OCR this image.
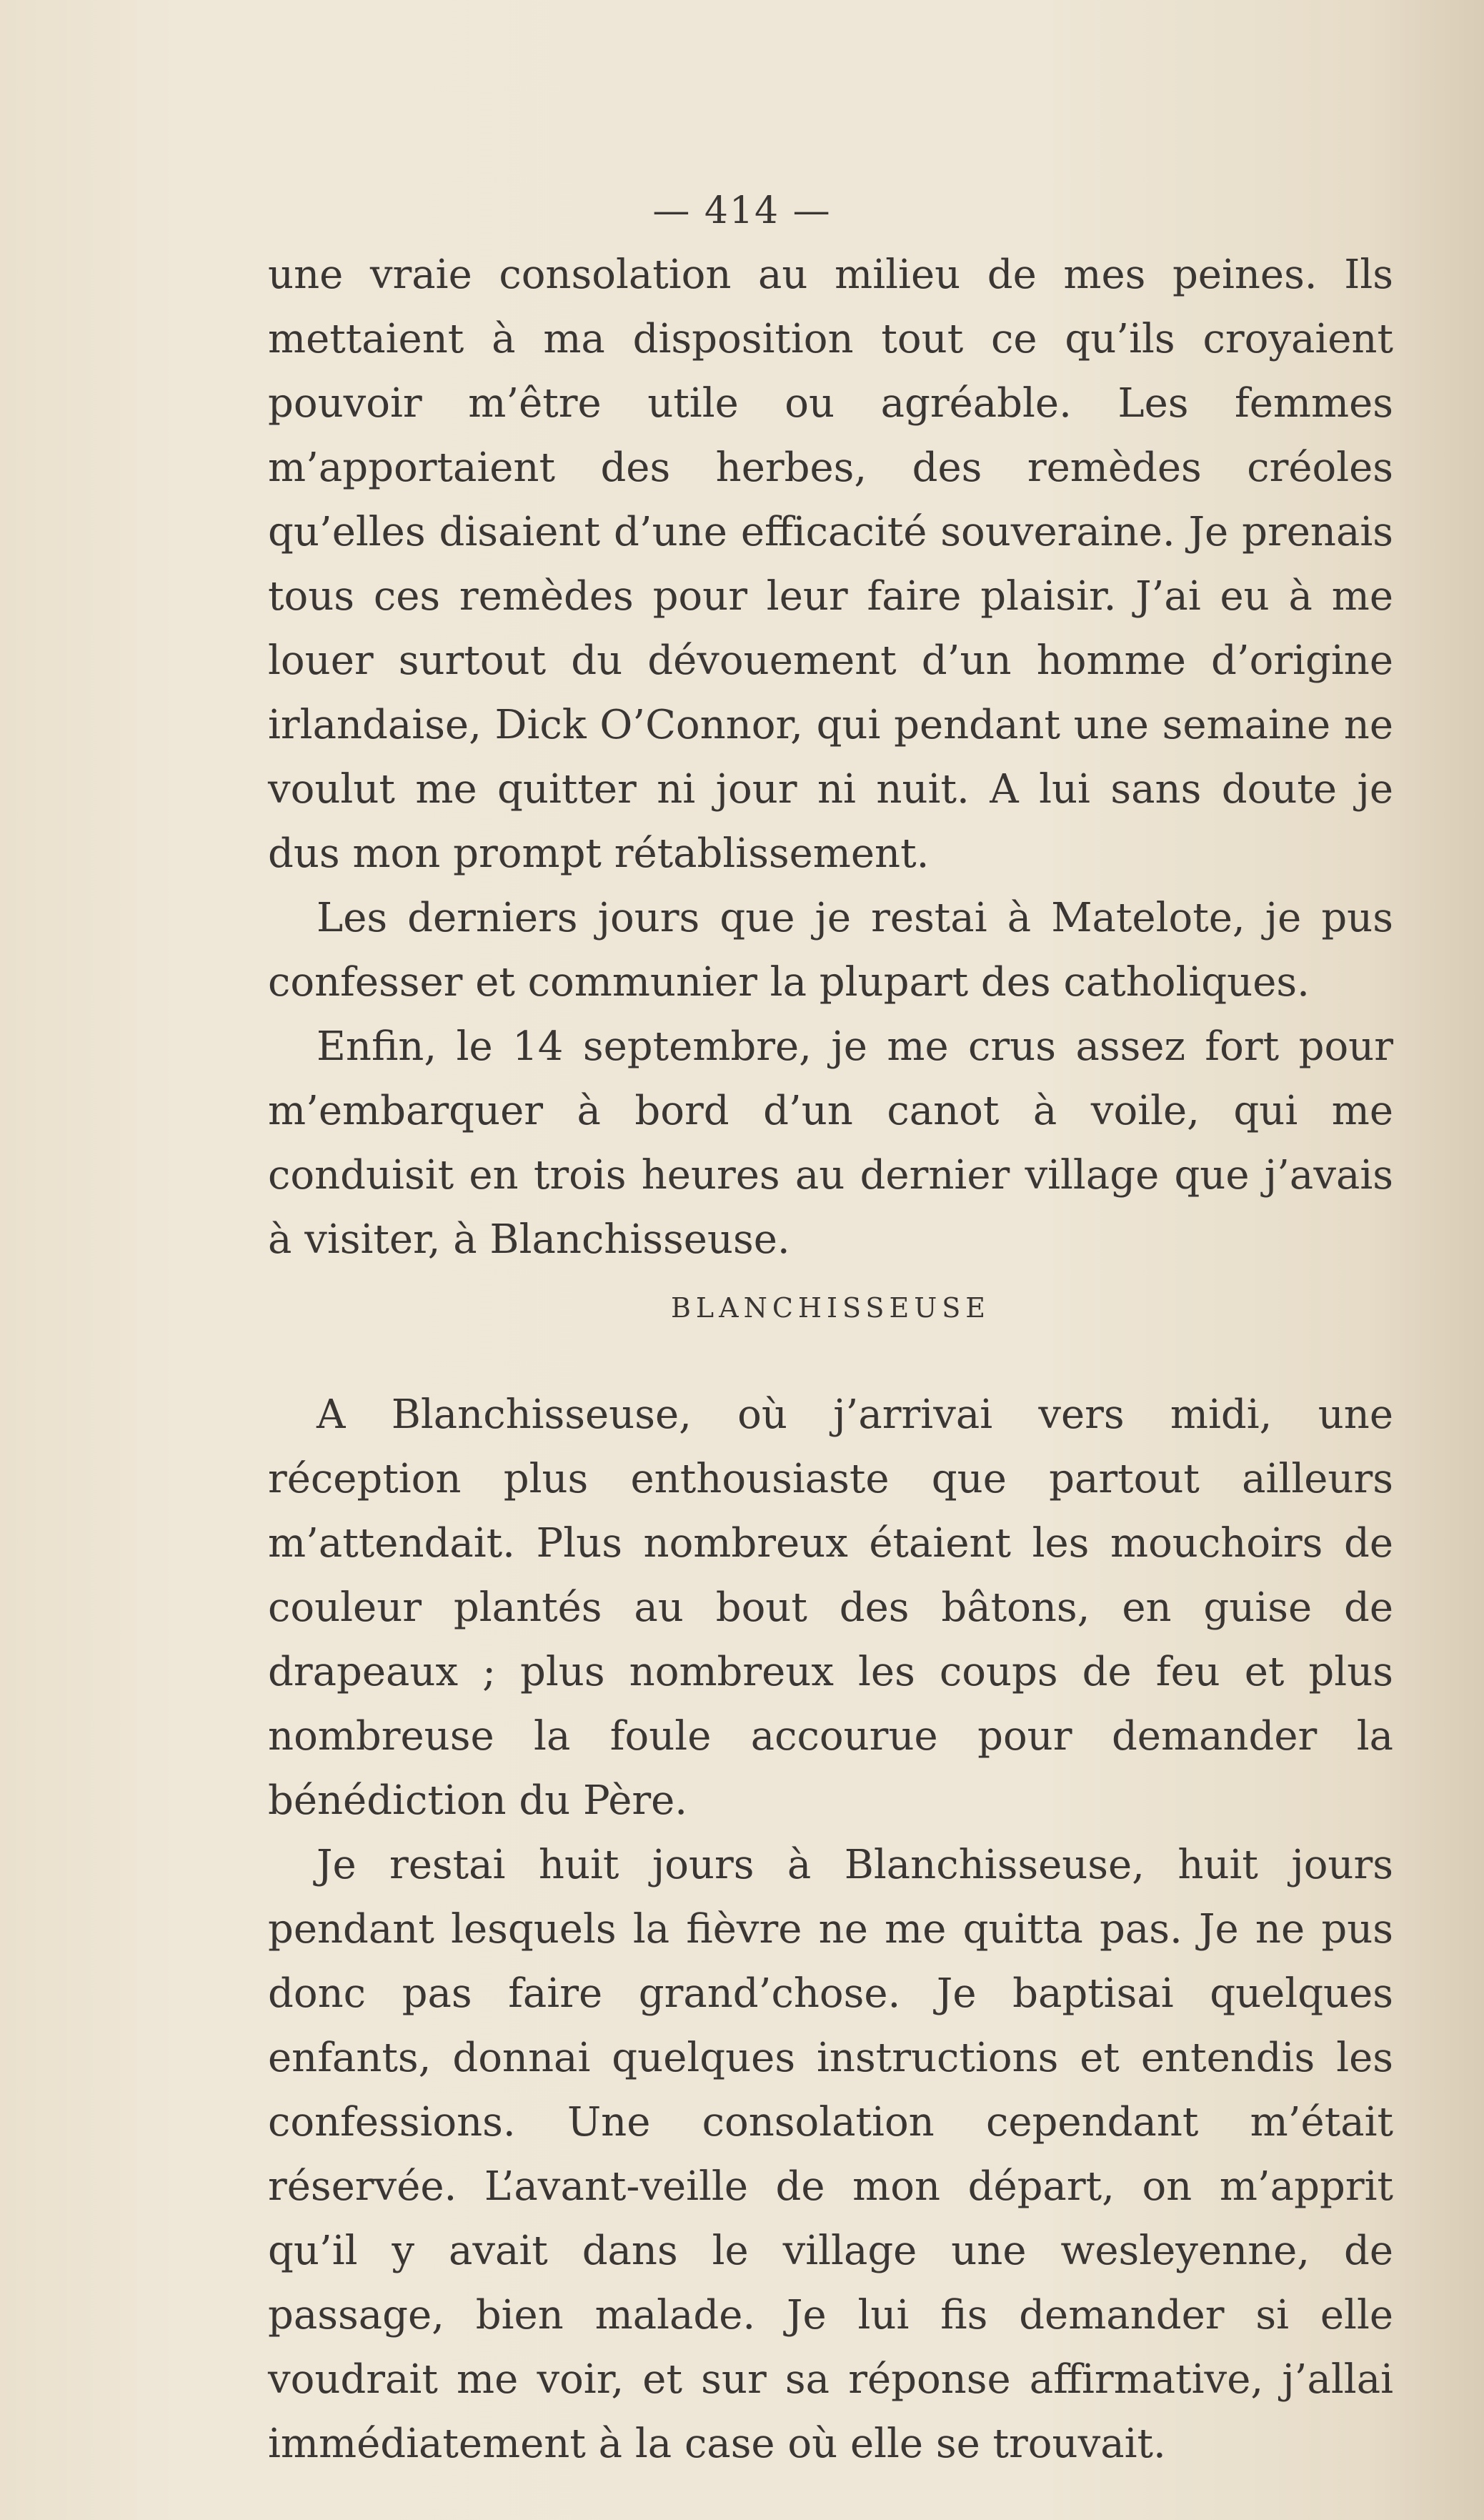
— 414 —

une vraie consolation au milieu de mes peines. Ils mettaient à ma disposition tout ce qu’ils croyaient pouvoir m’être utile ou agréable. Les femmes m’apportaient des herbes, des remèdes créoles qu’elles disaient d’une efficacité souveraine. Je prenais tous ces remèdes pour leur faire plaisir. J’ai eu à me louer surtout du dévouement d’un homme d’origine irlandaise, Dick O’Connor, qui pendant une semaine ne voulut me quitter ni jour ni nuit. A lui sans doute je dus mon prompt rétablissement.

Les derniers jours que je restai à Matelote, je pus confesser et communier la plupart des catholiques.

Enfin, le 14 septembre, je me crus assez fort pour m’embarquer à bord d’un canot à voile, qui me conduisit en trois heures au dernier village que j’avais à visiter, à Blanchisseuse.

BLANCHISSEUSE

A Blanchisseuse, où j’arrivai vers midi, une réception plus enthousiaste que partout ailleurs m’attendait. Plus nombreux étaient les mouchoirs de couleur plantés au bout des bâtons, en guise de drapeaux ; plus nombreux les coups de feu et plus nombreuse la foule accourue pour demander la bénédiction du Père.

Je restai huit jours à Blanchisseuse, huit jours pendant lesquels la fièvre ne me quitta pas. Je ne pus donc pas faire grand’chose. Je baptisai quelques enfants, donnai quelques instructions et entendis les confessions. Une consolation cependant m’était réservée. L’avant-veille de mon départ, on m’apprit qu’il y avait dans le village une wesleyenne, de passage, bien malade. Je lui fis demander si elle voudrait me voir, et sur sa réponse affirmative, j’allai immédiatement à la case où elle se trouvait.
